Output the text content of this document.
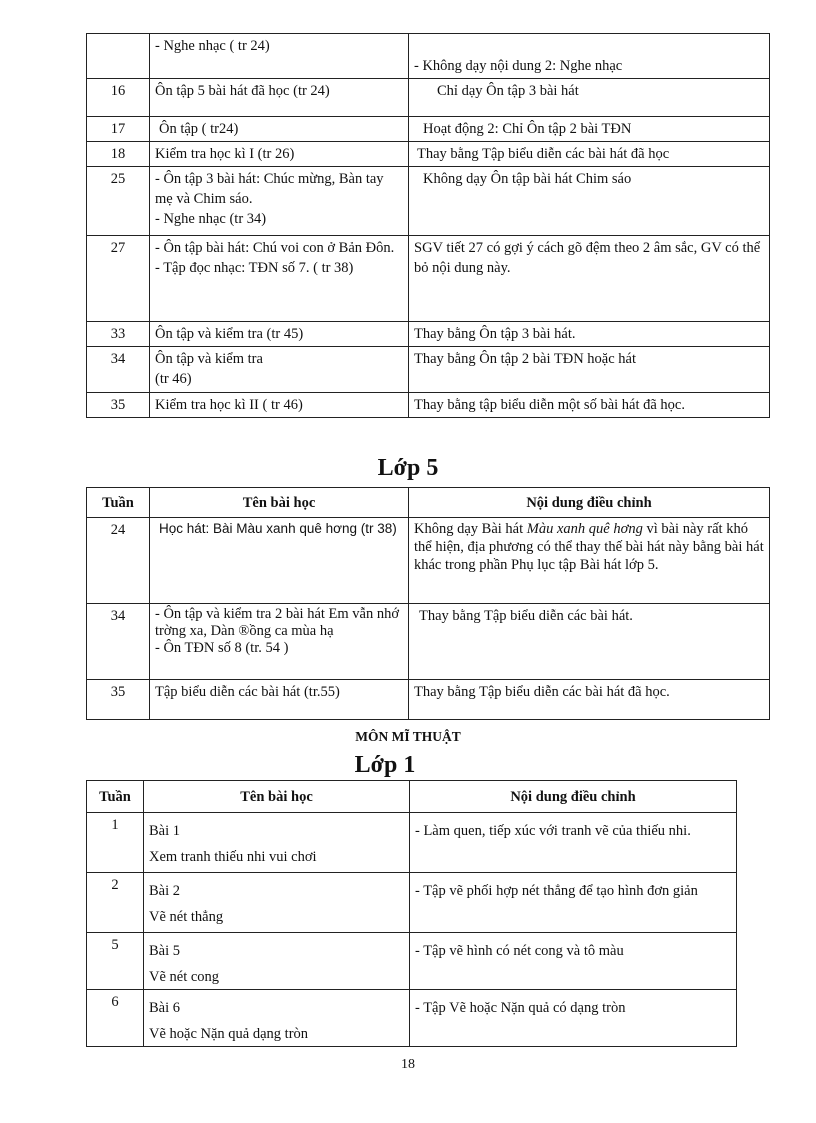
	- Nghe nhạc ( tr 24)	- Không dạy nội dung 2: Nghe nhạc

16	Ôn tập 5 bài hát đã học (tr 24)	Chỉ dạy Ôn tập 3 bài hát

17	Ôn tập ( tr24)	Hoạt động 2: Chỉ Ôn tập 2 bài TĐN

18	Kiểm tra học kì I (tr 26)	Thay bằng Tập biểu diễn các bài hát đã học

25	- Ôn tập 3 bài hát: Chúc mừng, Bàn tay mẹ và Chim sáo.
- Nghe nhạc (tr 34)	Không dạy Ôn tập bài hát Chim sáo

27	- Ôn tập bài hát: Chú voi con ở Bản Đôn.
- Tập đọc nhạc: TĐN số 7. ( tr 38)	SGV tiết 27 có gợi ý cách gõ đệm theo 2 âm sắc, GV có thể bỏ nội dung này.

33	Ôn tập và kiểm tra (tr 45)	Thay bằng Ôn tập 3 bài hát.

34	Ôn tập và kiểm tra
(tr 46)	Thay bằng Ôn tập 2 bài TĐN hoặc hát

35	Kiểm tra học kì II ( tr 46)	Thay bằng tập biểu diễn một số bài hát đã học.
Lớp 5
Tuần	Tên bài học	Nội dung điều chỉnh
24	Học hát: Bài Màu xanh quê hơng (tr 38)	Không dạy Bài hát Màu xanh quê hơng vì bài này rất khó thể hiện, địa phương có thể thay thế bài hát này bằng bài hát khác trong phần Phụ lục tập Bài hát lớp 5.
34	- Ôn tập và kiểm tra 2 bài hát Em vẫn nhớ trờng xa, Dàn ®ồng ca mùa hạ
- Ôn TĐN số 8 (tr. 54 )	Thay bằng Tập biểu diễn các bài hát.
35	Tập biểu diễn các bài hát (tr.55)	Thay bằng Tập biểu diễn các bài hát đã học.
MÔN MĨ THUẬT
Lớp 1
Tuần	Tên bài học	Nội dung điều chỉnh
1	Bài 1
Xem tranh thiếu nhi vui chơi	- Làm quen, tiếp xúc với tranh vẽ của thiếu nhi.
2	Bài 2
Vẽ nét thẳng	- Tập vẽ phối hợp nét thẳng để tạo hình đơn giản
5	Bài 5
Vẽ nét cong	- Tập vẽ hình có nét cong và tô màu
6	Bài 6
Vẽ hoặc Nặn quả dạng tròn	- Tập Vẽ hoặc Nặn quả có dạng tròn
18
